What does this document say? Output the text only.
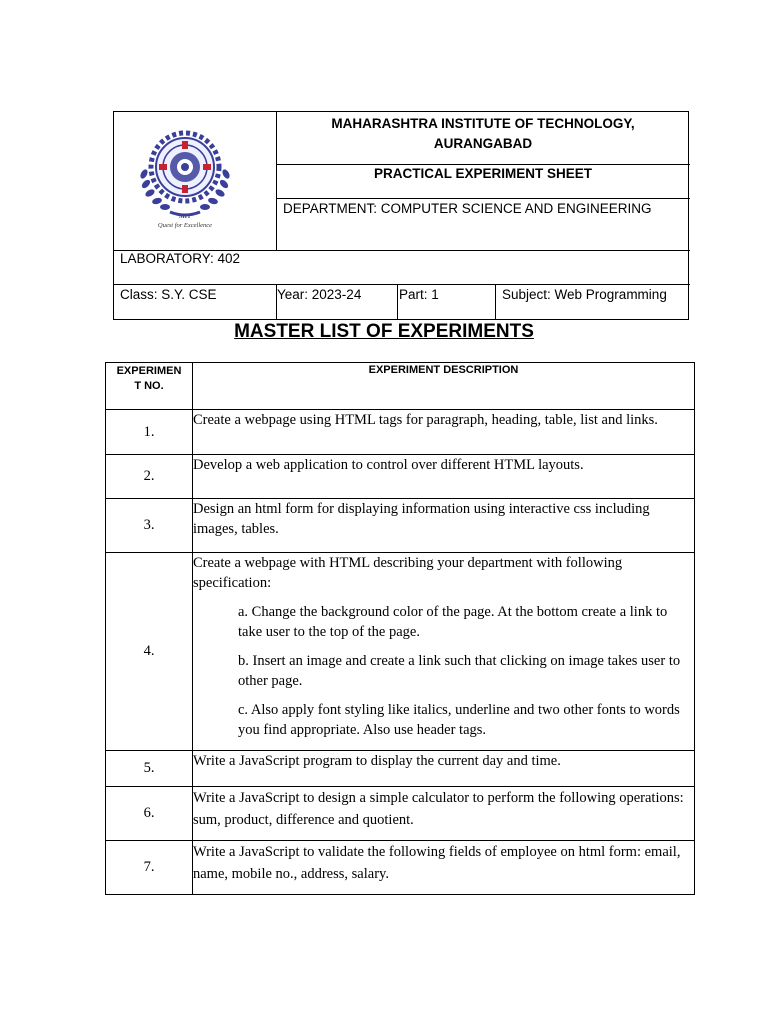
MIT
Quest for Excellence
MAHARASHTRA INSTITUTE OF TECHNOLOGY,
AURANGABAD
PRACTICAL EXPERIMENT SHEET
DEPARTMENT: COMPUTER SCIENCE AND ENGINEERING
LABORATORY: 402
Class: S.Y. CSE	Year: 2023-24	Part: 1	Subject: Web Programming
MASTER LIST OF EXPERIMENTS
EXPERIMEN
T NO.	EXPERIMENT DESCRIPTION
1.	Create a webpage using HTML tags for paragraph, heading, table, list and links.
2.	Develop a web application to control over different HTML layouts.
3.	Design an html form for displaying information using interactive css including images, tables.
4.	Create a webpage with HTML describing your department with following specification:
a. Change the background color of the page. At the bottom create a link to take user to the top of the page.
b. Insert an image and create a link such that clicking on image takes user to other page.
c. Also apply font styling like italics, underline and two other fonts to words you find appropriate. Also use header tags.

5.	Write a JavaScript program to display the current day and time.
6.	Write a JavaScript to design a simple calculator to perform the following operations: sum, product, difference and quotient.
7.	Write a JavaScript to validate the following fields of employee on html form: email, name, mobile no., address, salary.
